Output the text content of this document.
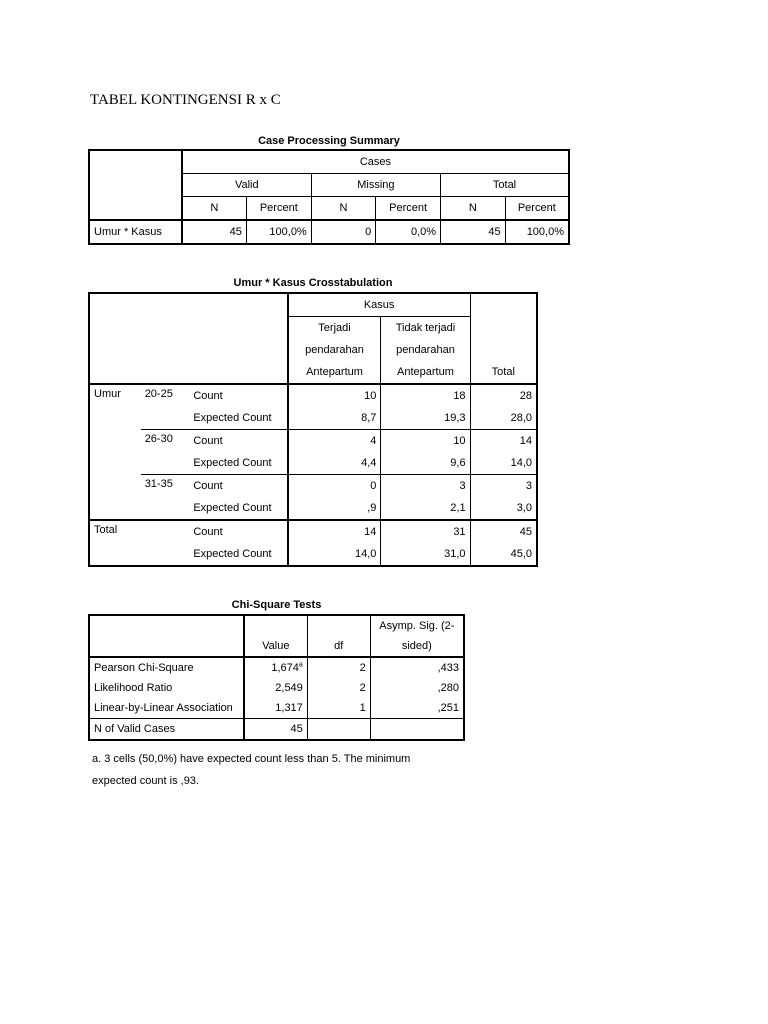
TABEL KONTINGENSI R x C
Case Processing Summary
	Cases					
	Valid		Missing		Total	
	N	Percent	N	Percent	N	Percent
Umur * Kasus	45	100,0%	0	0,0%	45	100,0%
Umur * Kasus Crosstabulation
			Kasus		
			Terjadi	Tidak terjadi	
			pendarahan	pendarahan	
			Antepartum	Antepartum	Total
Umur	20-25	Count	10	18	28
		Expected Count	8,7	19,3	28,0
	26-30	Count	4	10	14
		Expected Count	4,4	9,6	14,0
	31-35	Count	0	3	3
		Expected Count	,9	2,1	3,0
Total		Count	14	31	45
		Expected Count	14,0	31,0	45,0
Chi-Square Tests
			Asymp. Sig. (2-
	Value	df	sided)
Pearson Chi-Square	1,674$^a$	2	,433
Likelihood Ratio	2,549	2	,280
Linear-by-Linear Association	1,317	1	,251
N of Valid Cases	45		
a. 3 cells (50,0%) have expected count less than 5. The minimum
expected count is ,93.
